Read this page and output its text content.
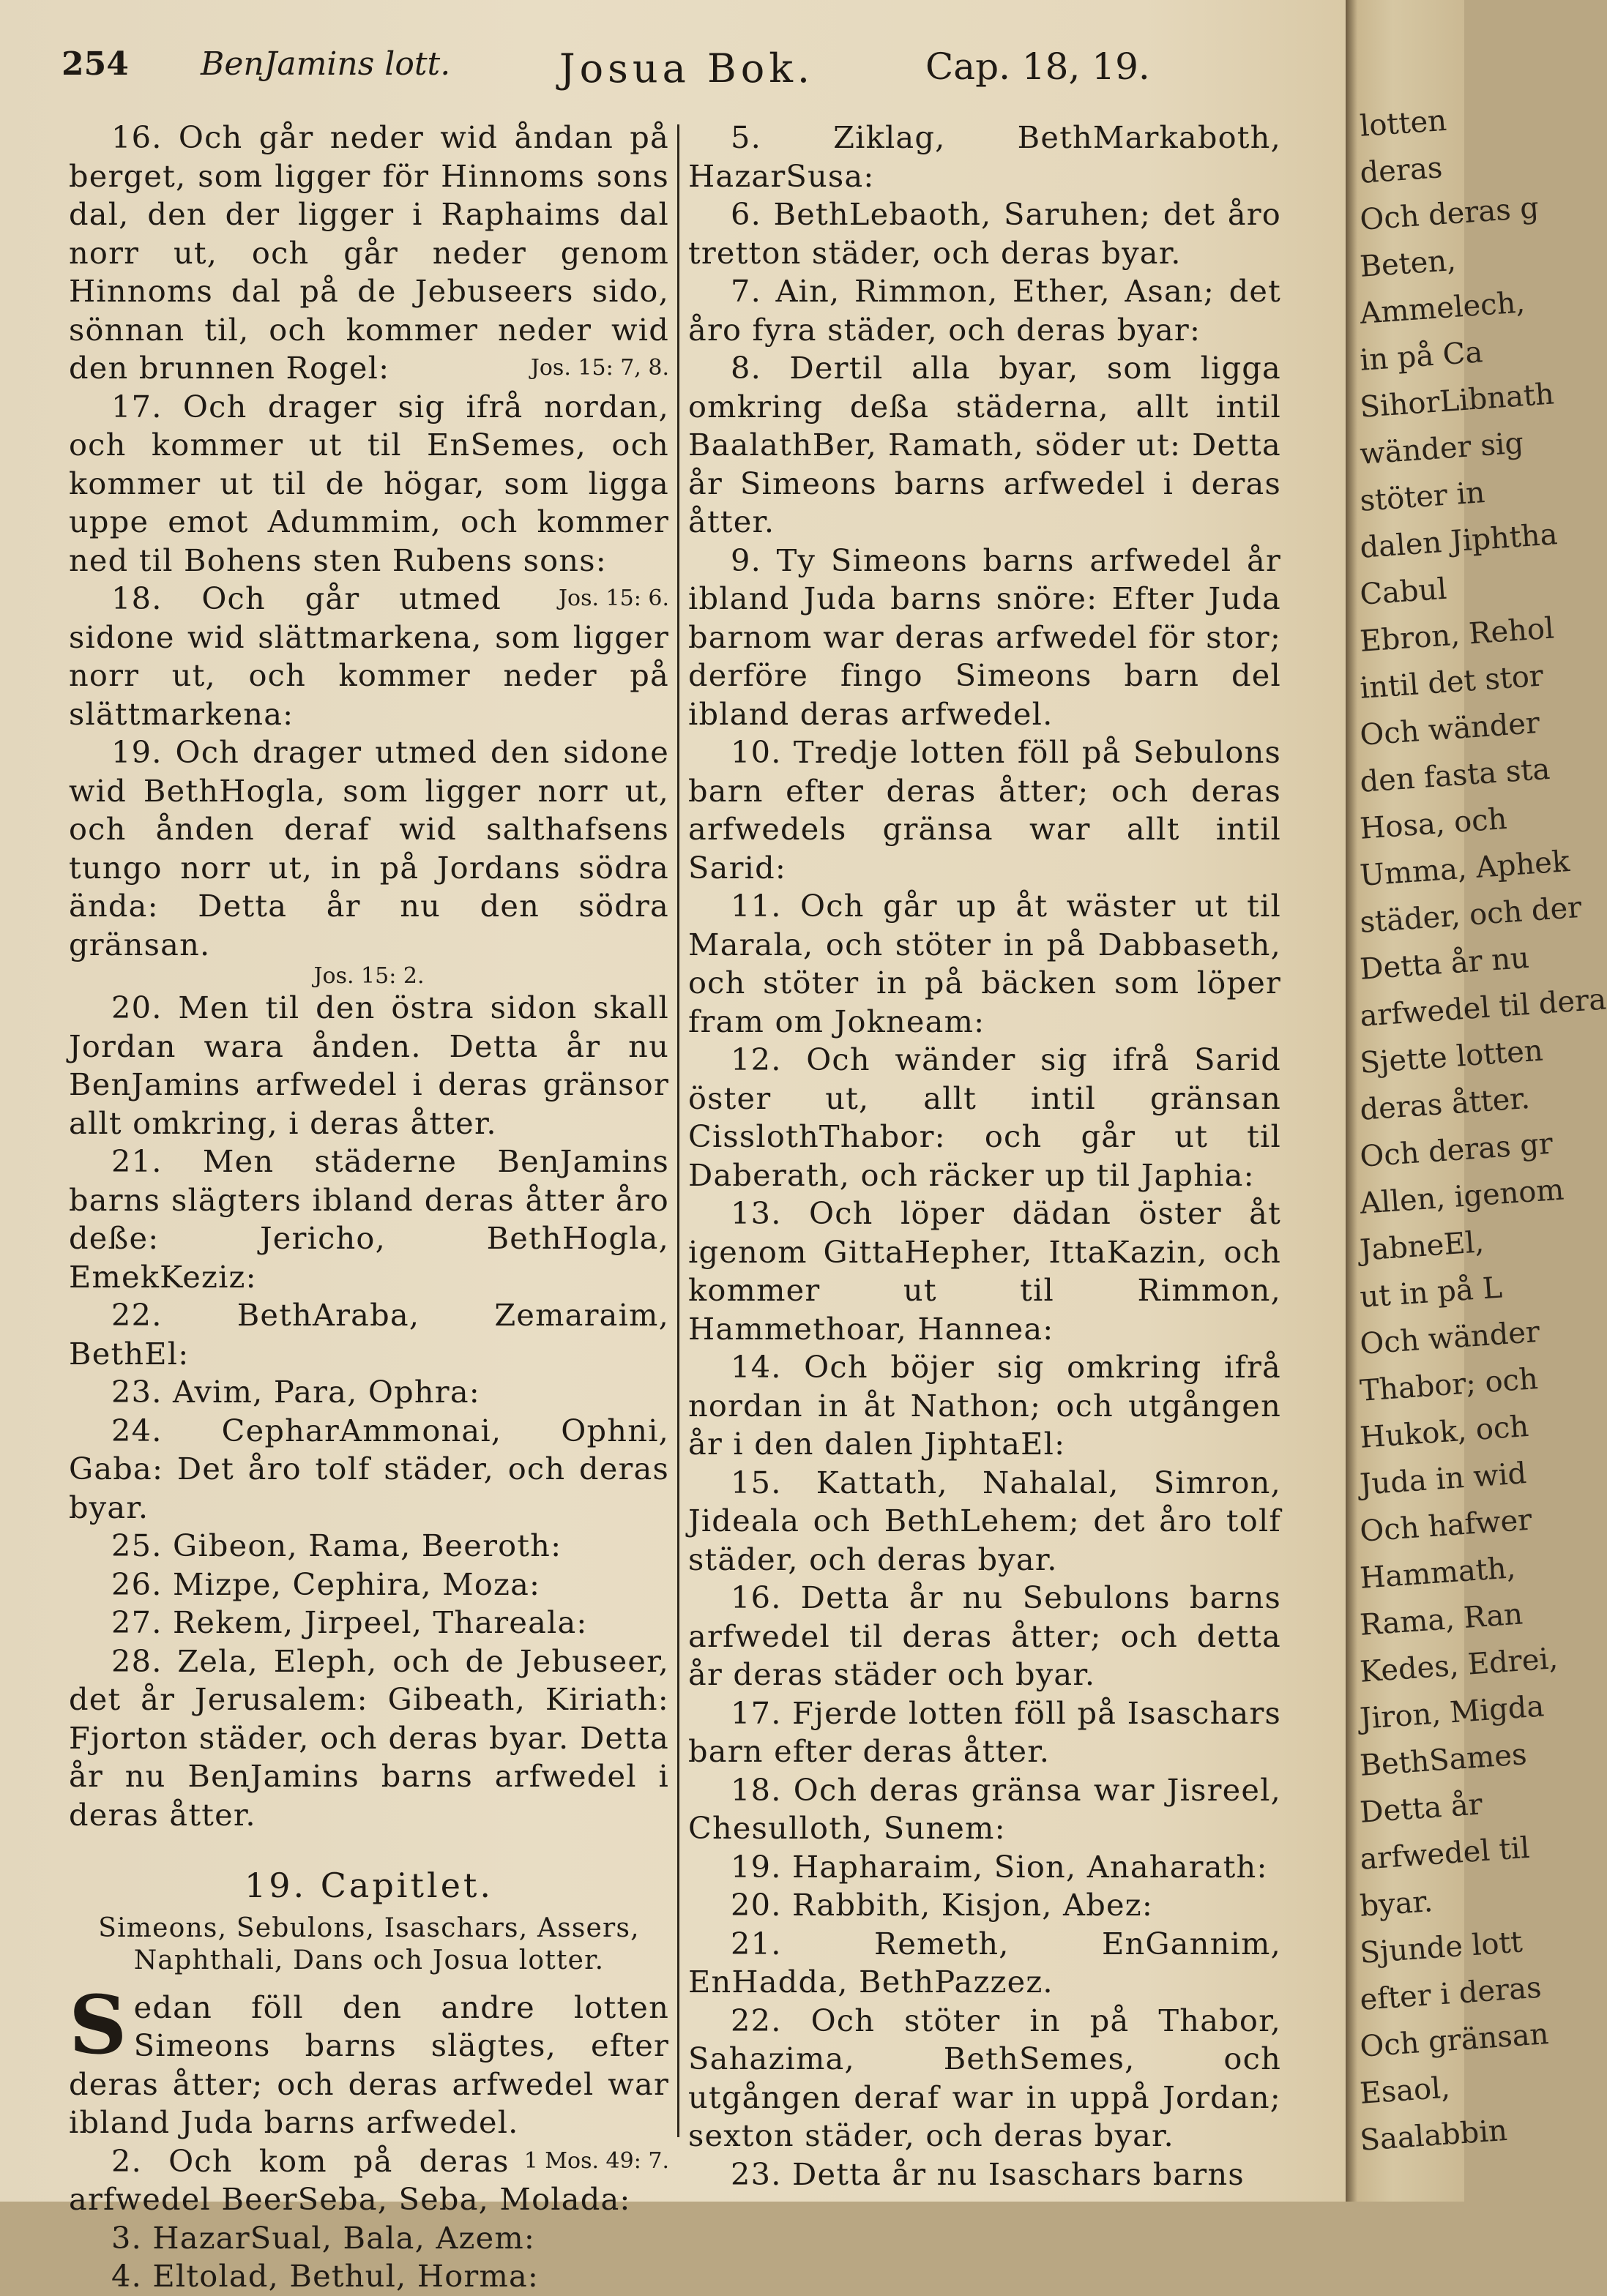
254 BenJamins lott.	Josua Bok.	Cap. 18, 19.

16. Och går neder wid åndan på berget, som ligger för Hinnoms sons dal, den der ligger i Raphaims dal norr ut, och går neder genom Hinnoms dal på de Jebuseers sido, sönnan til, och kommer neder wid den brunnen Rogel:	Jos. 15: 7, 8.

17. Och drager sig ifrå nordan, och kommer ut til EnSemes, och kommer ut til de högar, som ligga uppe emot Adummim, och kommer ned til Bohens sten Rubens sons:
Jos. 15: 6.

18. Och går utmed sidone wid slättmarkena, som ligger norr ut, och kommer neder på slättmarkena:

19. Och drager utmed den sidone wid BethHogla, som ligger norr ut, och ånden deraf wid salthafsens tungo norr ut, in på Jordans södra ända: Detta år nu den södra gränsan.

Jos. 15: 2.

20. Men til den östra sidon skall Jordan wara ånden. Detta år nu BenJamins arfwedel i deras gränsor allt omkring, i deras åtter.

21. Men städerne BenJamins barns slägters ibland deras åtter åro deße: Jericho, BethHogla, EmekKeziz:

22. BethAraba, Zemaraim, BethEl:

23. Avim, Para, Ophra:

24. CepharAmmonai, Ophni, Gaba: Det åro tolf städer, och deras byar.

25. Gibeon, Rama, Beeroth:

26. Mizpe, Cephira, Moza:

27. Rekem, Jirpeel, Thareala:

28. Zela, Eleph, och de Jebuseer, det år Jerusalem: Gibeath, Kiriath: Fjorton städer, och deras byar. Detta år nu BenJamins barns arfwedel i deras åtter.

19. Capitlet.

Simeons, Sebulons, Isaschars, Assers,
Naphthali, Dans och Josua lotter.

Sedan föll den andre lotten Simeons barns slägtes, efter deras åtter; och deras arfwedel war ibland Juda barns arfwedel.
1 Mos. 49: 7.

2. Och kom på deras arfwedel BeerSeba, Seba, Molada:

3. HazarSual, Bala, Azem:

4. Eltolad, Bethul, Horma:

5. Ziklag, BethMarkaboth, HazarSusa:

6. BethLebaoth, Saruhen; det åro tretton städer, och deras byar.

7. Ain, Rimmon, Ether, Asan; det åro fyra städer, och deras byar:

8. Dertil alla byar, som ligga omkring deßa städerna, allt intil BaalathBer, Ramath, söder ut: Detta år Simeons barns arfwedel i deras åtter.

9. Ty Simeons barns arfwedel år ibland Juda barns snöre: Efter Juda barnom war deras arfwedel för stor; derföre fingo Simeons barn del ibland deras arfwedel.

10. Tredje lotten föll på Sebulons barn efter deras åtter; och deras arfwedels gränsa war allt intil Sarid:

11. Och går up åt wäster ut til Marala, och stöter in på Dabbaseth, och stöter in på bäcken som löper fram om Jokneam:

12. Och wänder sig ifrå Sarid öster ut, allt intil gränsan CisslothThabor: och går ut til Daberath, och räcker up til Japhia:

13. Och löper dädan öster åt igenom GittaHepher, IttaKazin, och kommer ut til Rimmon, Hammethoar, Hannea:

14. Och böjer sig omkring ifrå nordan in åt Nathon; och utgången år i den dalen JiphtaEl:

15. Kattath, Nahalal, Simron, Jidealа och BethLehem; det åro tolf städer, och deras byar.

16. Detta år nu Sebulons barns arfwedel til deras åtter; och detta år deras städer och byar.

17. Fjerde lotten föll på Isaschars barn efter deras åtter.

18. Och deras gränsa war Jisreel, Chesulloth, Sunem:

19. Hapharaim, Sion, Anaharath:

20. Rabbith, Kisjon, Abez:

21. Remeth, EnGannim, EnHadda, BethPazzez.

22. Och stöter in på Thabor, Sahazima, BethSemes, och utgången deraf war in uppå Jordan; sexton städer, och deras byar.

23. Detta år nu Isaschars barns

lotten
deras
Och deras g
Beten,
Ammelech,
in på Ca
SihorLibnath
wänder sig
stöter in
dalen Jiphtha
Cabul
Ebron, Rehol
intil det stor
Och wänder
den fasta sta
Hosa, och
Ummа, Aphek
städer, och der
Detta år nu
arfwedel til dera
Sjette lotten
deras åtter.
Och deras gr
Allen, igenom
JabneEl,
ut in på L
Och wänder
Thabor; och
Hukok, och
Juda in wid
Och hafwer
Hammath,
Rama, Ran
Kedes, Edrei,
Jiron, Migda
BethSames
Detta år
arfwedel til
byar.
Sjunde lott
efter i deras
Och gränsan
Esaol,
Saalabbin
